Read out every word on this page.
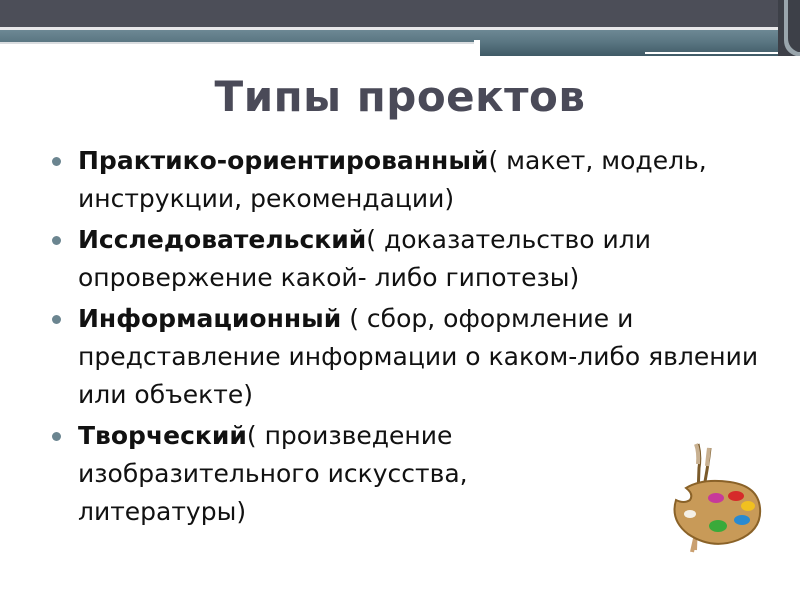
Типы проектов
Практико-ориентированный( макет, модель, инструкции, рекомендации)
Исследовательский( доказательство или опровержение какой- либо гипотезы)
Информационный ( сбор, оформление и представление информации о каком-либо явлении или объекте)
Творческий( произведение изобразительного искусства, литературы)
